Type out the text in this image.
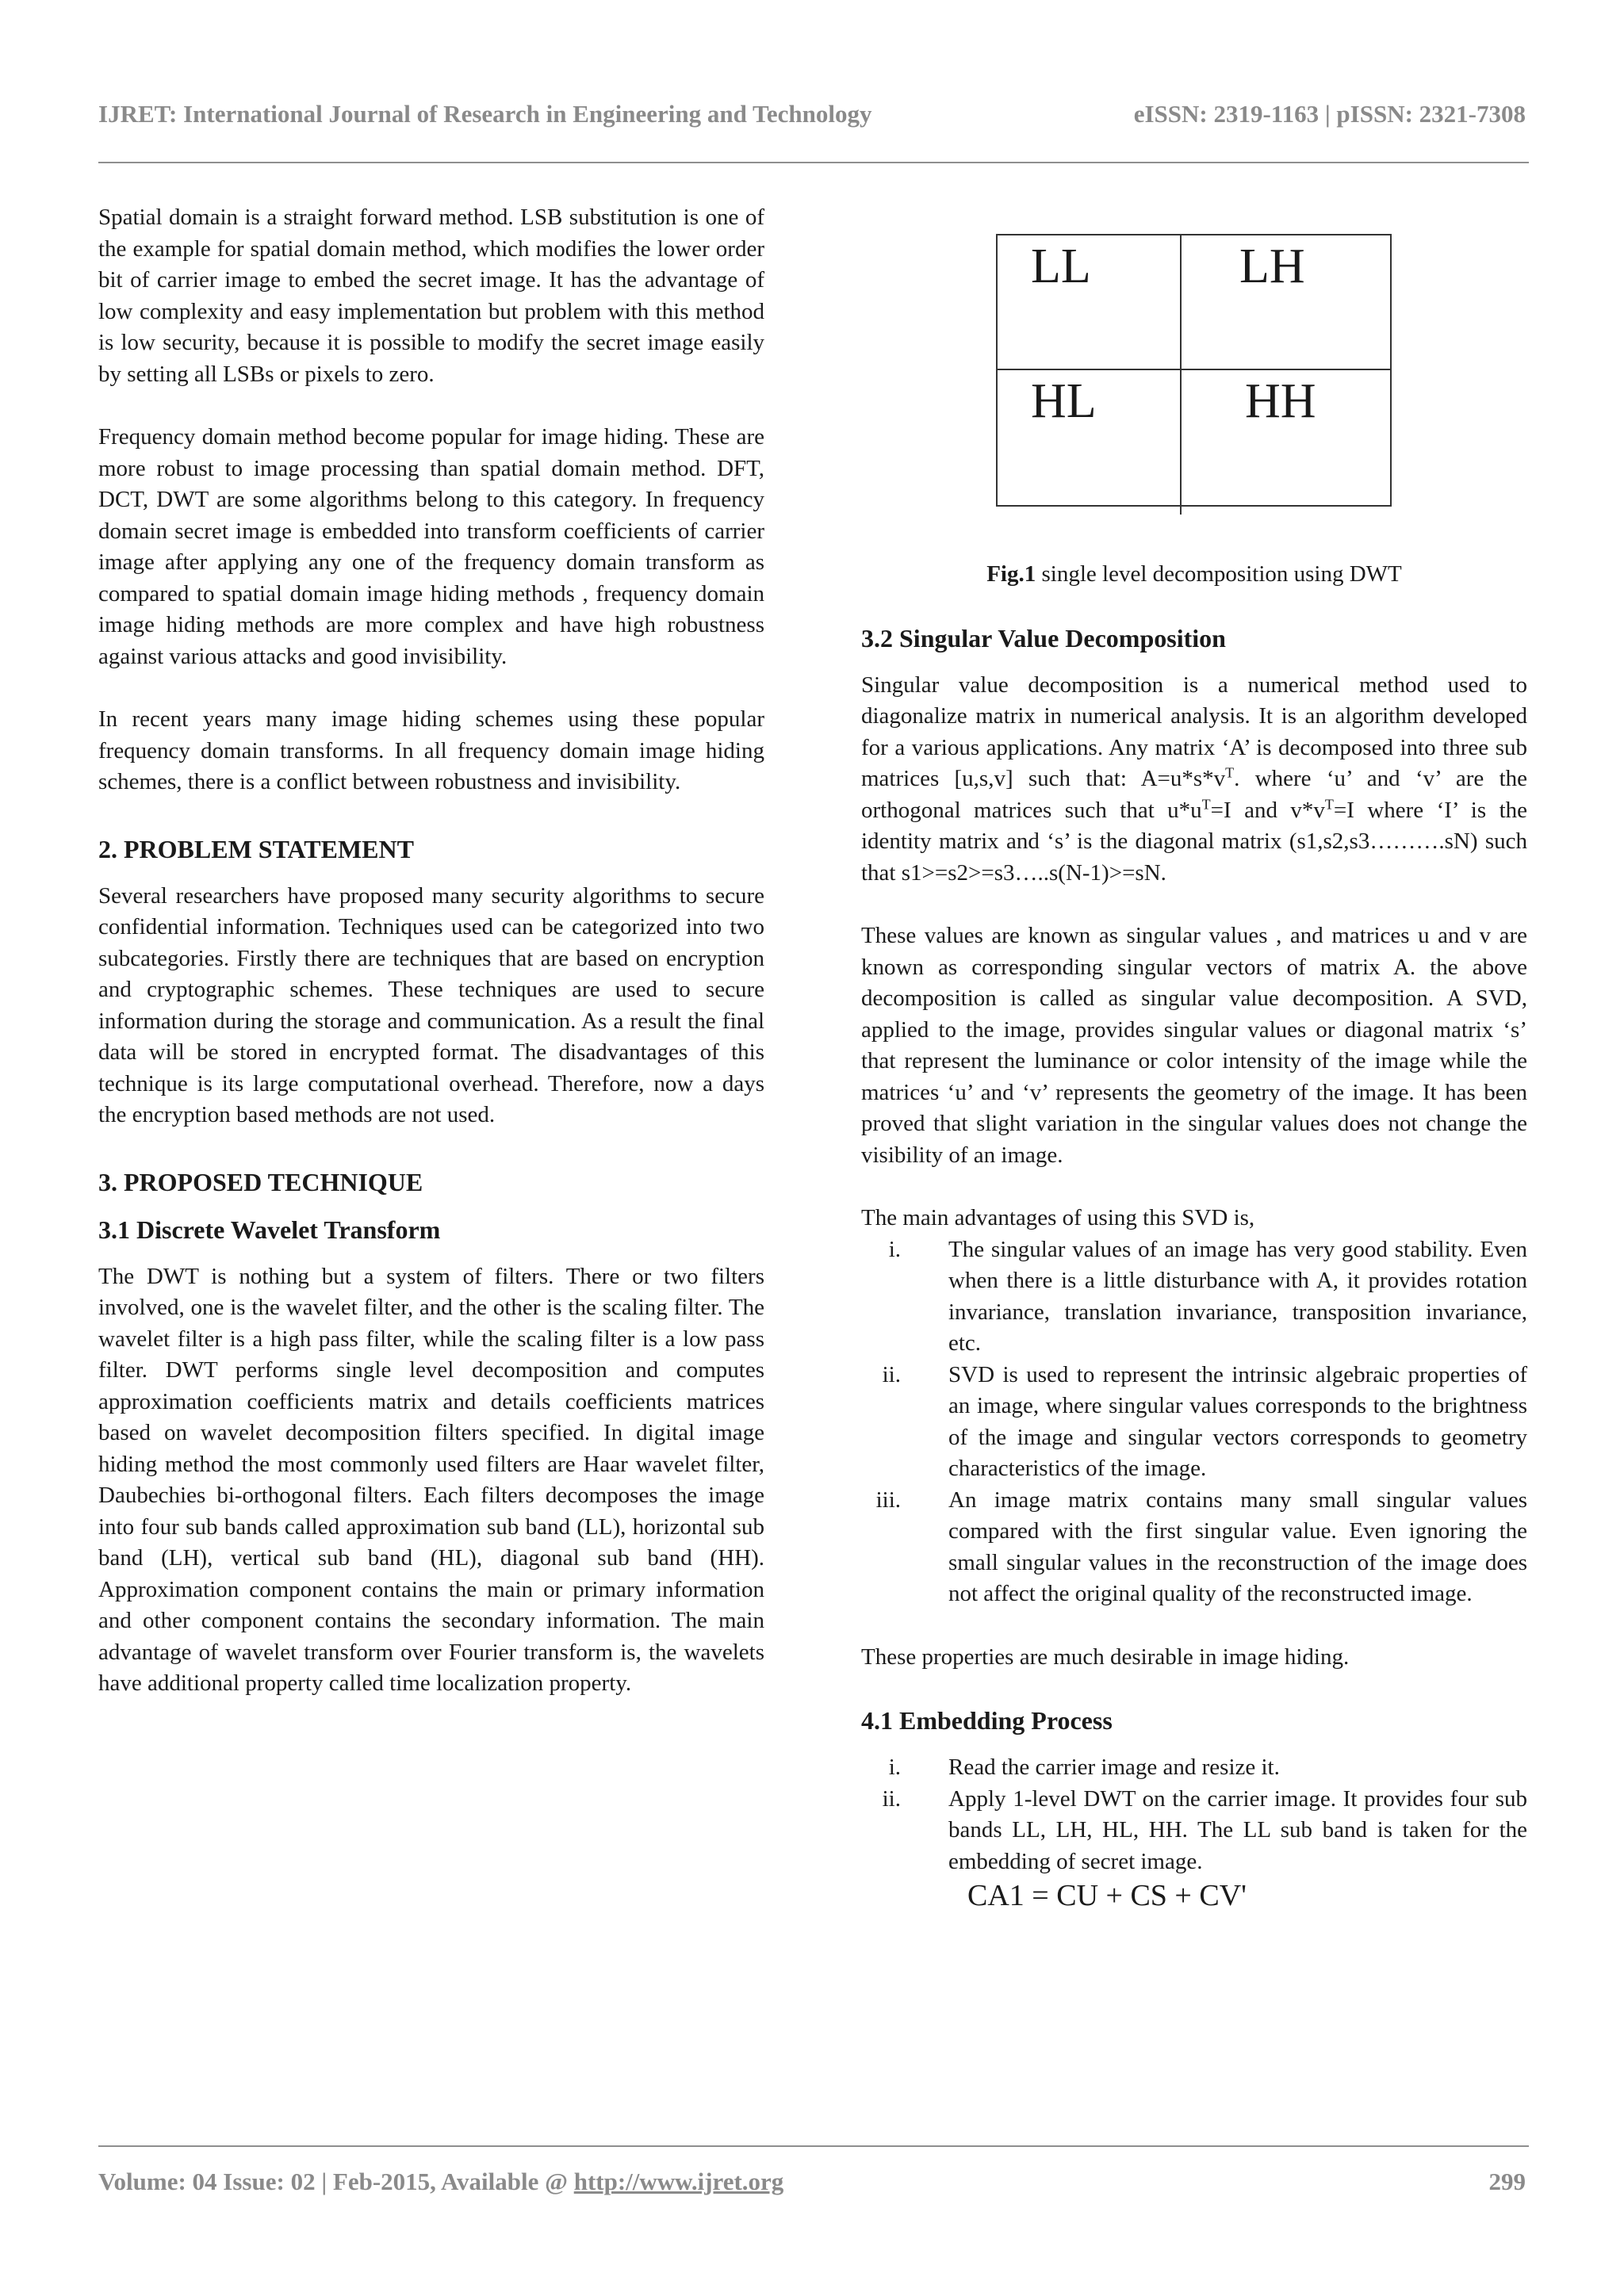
IJRET: International Journal of Research in Engineering and Technology	eISSN: 2319-1163 | pISSN: 2321-7308

Spatial domain is a straight forward method. LSB substitution is one of the example for spatial domain method, which modifies the lower order bit of carrier image to embed the secret image. It has the advantage of low complexity and easy implementation but problem with this method is low security, because it is possible to modify the secret image easily by setting all LSBs or pixels to zero.

Frequency domain method become popular for image hiding. These are more robust to image processing than spatial domain method. DFT, DCT, DWT are some algorithms belong to this category. In frequency domain secret image is embedded into transform coefficients of carrier image after applying any one of the frequency domain transform as compared to spatial domain image hiding methods , frequency domain image hiding methods are more complex and have high robustness against various attacks and good invisibility.

In recent years many image hiding schemes using these popular frequency domain transforms. In all frequency domain image hiding schemes, there is a conflict between robustness and invisibility.

2. PROBLEM STATEMENT

Several researchers have proposed many security algorithms to secure confidential information. Techniques used can be categorized into two subcategories. Firstly there are techniques that are based on encryption and cryptographic schemes. These techniques are used to secure information during the storage and communication. As a result the final data will be stored in encrypted format. The disadvantages of this technique is its large computational overhead. Therefore, now a days the encryption based methods are not used.

3. PROPOSED TECHNIQUE
3.1 Discrete Wavelet Transform

The DWT is nothing but a system of filters. There or two filters involved, one is the wavelet filter, and the other is the scaling filter. The wavelet filter is a high pass filter, while the scaling filter is a low pass filter. DWT performs single level decomposition and computes approximation coefficients matrix and details coefficients matrices based on wavelet decomposition filters specified. In digital image hiding method the most commonly used filters are Haar wavelet filter, Daubechies bi-orthogonal filters. Each filters decomposes the image into four sub bands called approximation sub band (LL), horizontal sub band (LH), vertical sub band (HL), diagonal sub band (HH). Approximation component contains the main or primary information and other component contains the secondary information. The main advantage of wavelet transform over Fourier transform is, the wavelets have additional property called time localization property.

LL	LH
HL	HH
Fig.1 single level decomposition using DWT
3.2 Singular Value Decomposition

Singular value decomposition is a numerical method used to diagonalize matrix in numerical analysis. It is an algorithm developed for a various applications. Any matrix ‘A’ is decomposed into three sub matrices [u,s,v] such that: $A=u*s*v^T$. where ‘u’ and ‘v’ are the orthogonal matrices such that $u*u^T=I$ and $v*v^T=I$ where ‘I’ is the identity matrix and ‘s’ is the diagonal matrix (s1,s2,s3……….sN) such that s1>=s2>=s3…..s(N-1)>=sN.

These values are known as singular values , and matrices u and v are known as corresponding singular vectors of matrix A. the above decomposition is called as singular value decomposition. A SVD, applied to the image, provides singular values or diagonal matrix ‘s’ that represent the luminance or color intensity of the image while the matrices ‘u’ and ‘v’ represents the geometry of the image. It has been proved that slight variation in the singular values does not change the visibility of an image.

The main advantages of using this SVD is,

i. The singular values of an image has very good stability. Even when there is a little disturbance with A, it provides rotation invariance, translation invariance, transposition invariance, etc.
ii. SVD is used to represent the intrinsic algebraic properties of an image, where singular values corresponds to the brightness of the image and singular vectors corresponds to geometry characteristics of the image.
iii. An image matrix contains many small singular values compared with the first singular value. Even ignoring the small singular values in the reconstruction of the image does not affect the original quality of the reconstructed image.

These properties are much desirable in image hiding.

4.1 Embedding Process
i. Read the carrier image and resize it.
ii. Apply 1-level DWT on the carrier image. It provides four sub bands LL, LH, HL, HH. The LL sub band is taken for the embedding of secret image.
CA1 = CU + CS + CV'
Volume: 04 Issue: 02 | Feb-2015, Available @ http://www.ijret.org	299
